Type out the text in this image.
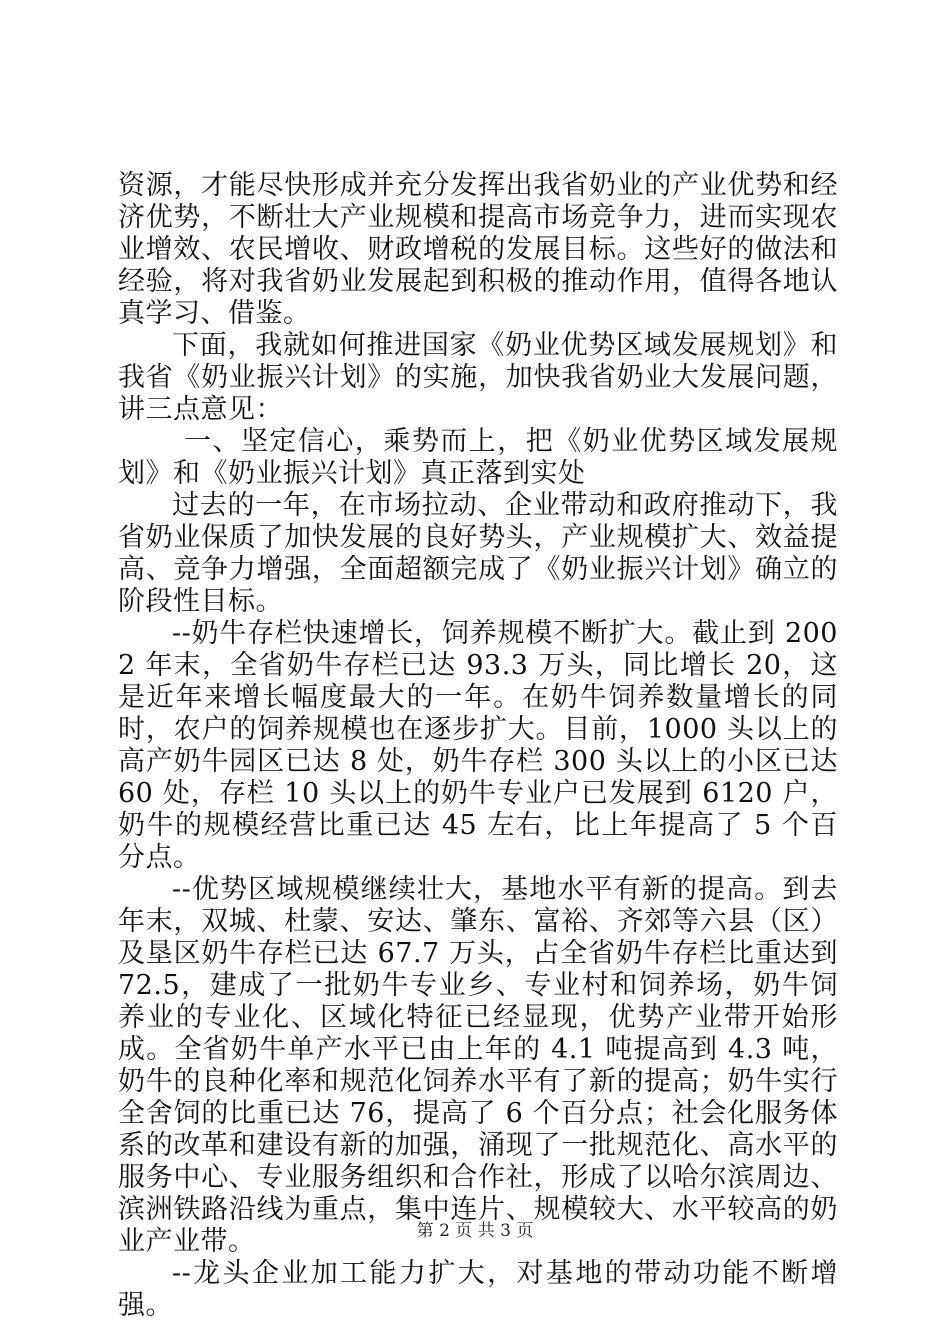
资源，才能尽快形成并充分发挥出我省奶业的产业优势和经济优势，不断壮大产业规模和提高市场竞争力，进而实现农业增效、农民增收、财政增税的发展目标。这些好的做法和经验，将对我省奶业发展起到积极的推动作用，值得各地认真学习、借鉴。

下面，我就如何推进国家《奶业优势区域发展规划》和我省《奶业振兴计划》的实施，加快我省奶业大发展问题，讲三点意见：

一、坚定信心，乘势而上，把《奶业优势区域发展规划》和《奶业振兴计划》真正落到实处

过去的一年，在市场拉动、企业带动和政府推动下，我省奶业保质了加快发展的良好势头，产业规模扩大、效益提高、竞争力增强，全面超额完成了《奶业振兴计划》确立的阶段性目标。

--奶牛存栏快速增长，饲养规模不断扩大。截止到 2002 年末，全省奶牛存栏已达 93.3 万头，同比增长 20，这是近年来增长幅度最大的一年。在奶牛饲养数量增长的同时，农户的饲养规模也在逐步扩大。目前，1000 头以上的高产奶牛园区已达 8 处，奶牛存栏 300 头以上的小区已达 60 处，存栏 10 头以上的奶牛专业户已发展到 6120 户，奶牛的规模经营比重已达 45 左右，比上年提高了 5 个百分点。

--优势区域规模继续壮大，基地水平有新的提高。到去年末，双城、杜蒙、安达、肇东、富裕、齐郊等六县（区）及垦区奶牛存栏已达 67.7 万头，占全省奶牛存栏比重达到 72.5，建成了一批奶牛专业乡、专业村和饲养场，奶牛饲养业的专业化、区域化特征已经显现，优势产业带开始形成。全省奶牛单产水平已由上年的 4.1 吨提高到 4.3 吨，奶牛的良种化率和规范化饲养水平有了新的提高；奶牛实行全舍饲的比重已达 76，提高了 6 个百分点；社会化服务体系的改革和建设有新的加强，涌现了一批规范化、高水平的服务中心、专业服务组织和合作社，形成了以哈尔滨周边、滨洲铁路沿线为重点，集中连片、规模较大、水平较高的奶业产业带。

--龙头企业加工能力扩大，对基地的带动功能不断增强。

第 2 页 共 3 页
